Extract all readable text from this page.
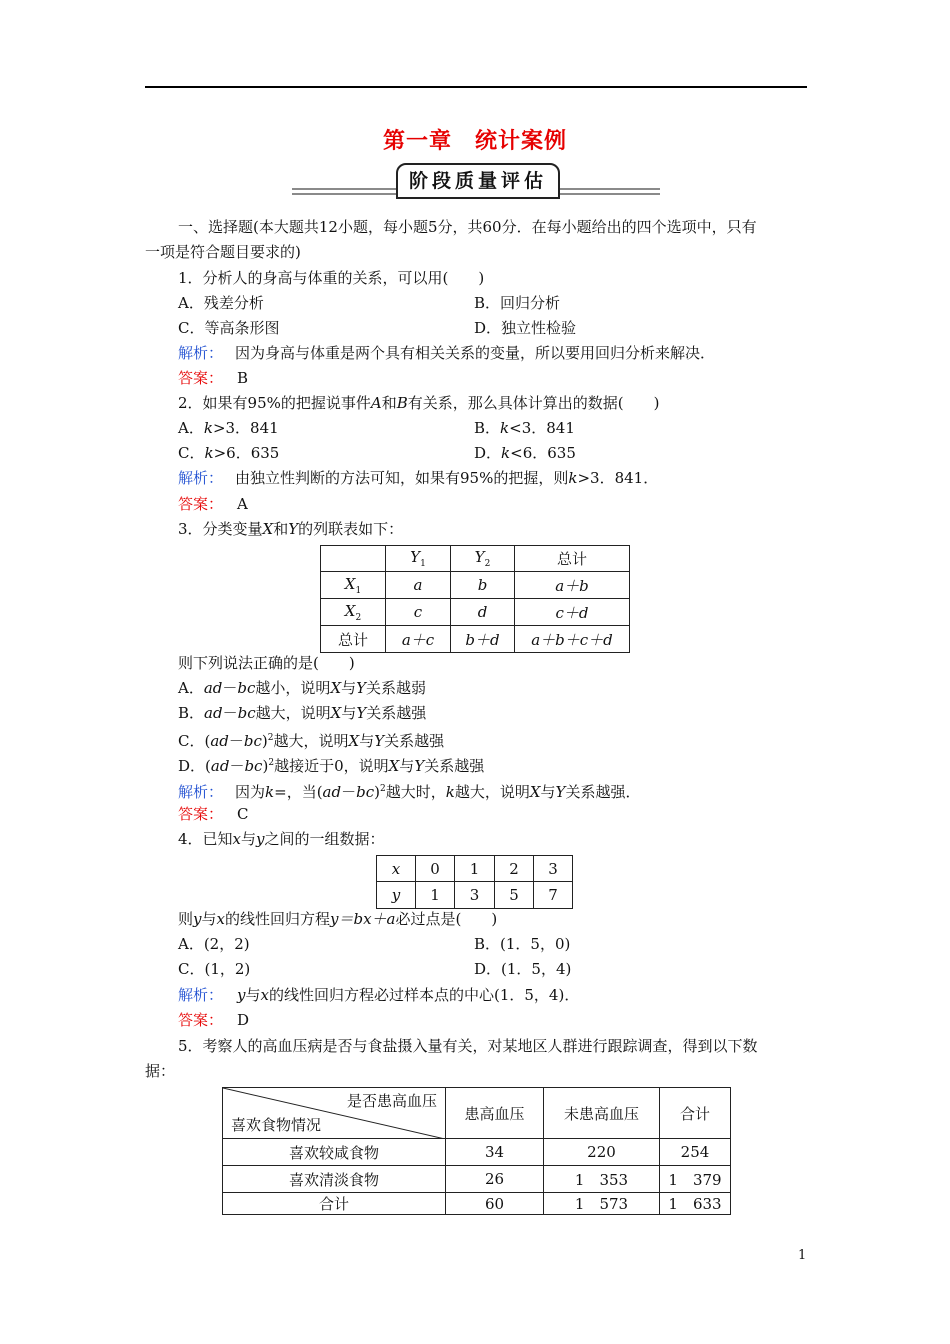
第一章　统计案例
阶段质量评估
一、选择题(本大题共12小题，每小题5分，共60分．在每小题给出的四个选项中，只有
一项是符合题目要求的)
1．分析人的身高与体重的关系，可以用(　　)
A．残差分析	B．回归分析
C．等高条形图	D．独立性检验
解析： 因为身高与体重是两个具有相关关系的变量，所以要用回归分析来解决．
答案： B
2．如果有95%的把握说事件A和B有关系，那么具体计算出的数据(　　)
A．k>3．841	B．k<3．841
C．k>6．635	D．k<6．635
解析： 由独立性判断的方法可知，如果有95%的把握，则k>3．841．
答案： A
3．分类变量X和Y的列联表如下：
	$Y_1$	$Y_2$	总计
$X_1$	a	b	a＋b
$X_2$	c	d	c＋d
总计	a＋c	b＋d	a＋b＋c＋d
则下列说法正确的是(　　)
A．ad－bc越小，说明X与Y关系越弱
B．ad－bc越大，说明X与Y关系越强
C．$(ad-bc)^2$越大，说明X与Y关系越强
D．$(ad-bc)^2$越接近于0，说明X与Y关系越强
解析： 因为k=，当$(ad-bc)^2$越大时，k越大，说明X与Y关系越强．
答案： C
4．已知x与y之间的一组数据：
x	0	1	2	3
y	1	3	5	7
则y与x的线性回归方程y＝bx＋a必过点是(　　)
A．(2，2)	B．(1．5，0)
C．(1，2)	D．(1．5，4)
解析： y与x的线性回归方程必过样本点的中心(1．5，4)．
答案： D
5．考察人的高血压病是否与食盐摄入量有关，对某地区人群进行跟踪调查，得到以下数
据：
是否患高血压
喜欢食物情况	患高血压	未患高血压	合计
喜欢较咸食物	34	220	254
喜欢清淡食物	26	1　353	1　379
合计	60	1　573	1　633
1
